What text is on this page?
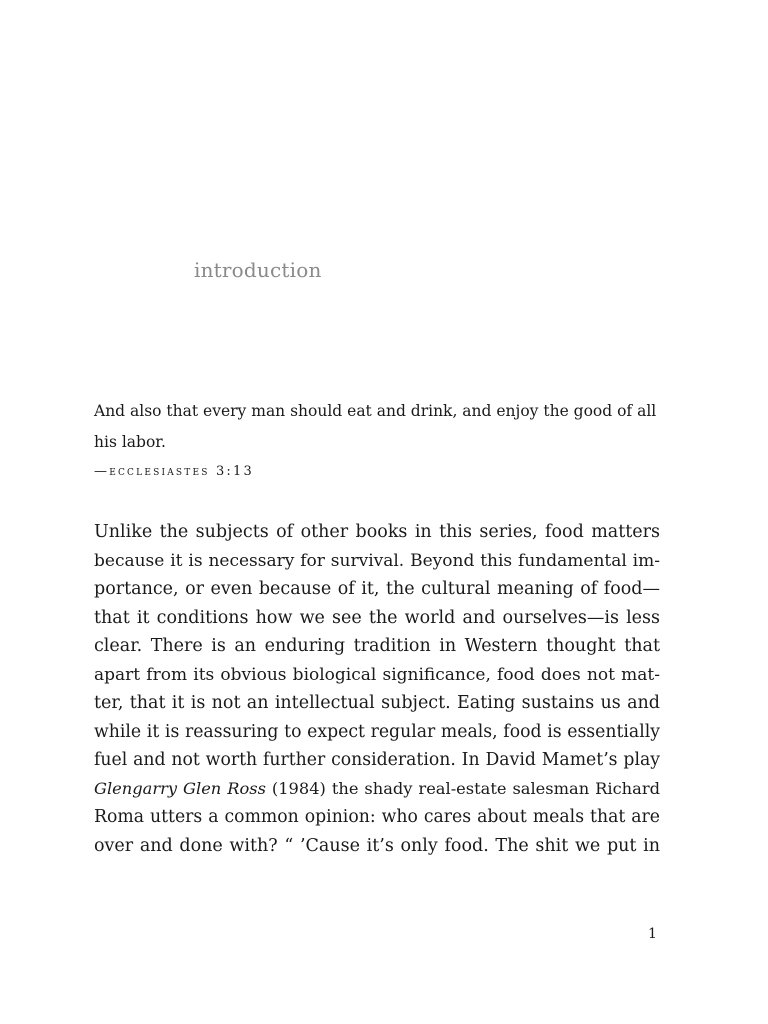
introduction

And also that every man should eat and drink, and enjoy the good of all his labor.

—ecclesiastes 3:13

Unlike the subjects of other books in this series, food matters
because it is necessary for survival. Beyond this fundamental im-
portance, or even because of it, the cultural meaning of food—
that it conditions how we see the world and ourselves—is less
clear. There is an enduring tradition in Western thought that
apart from its obvious biological significance, food does not mat-
ter, that it is not an intellectual subject. Eating sustains us and
while it is reassuring to expect regular meals, food is essentially
fuel and not worth further consideration. In David Mamet’s play
Glengarry Glen Ross (1984) the shady real-estate salesman Richard
Roma utters a common opinion: who cares about meals that are
over and done with? “ ’Cause it’s only food. The shit we put in

1
